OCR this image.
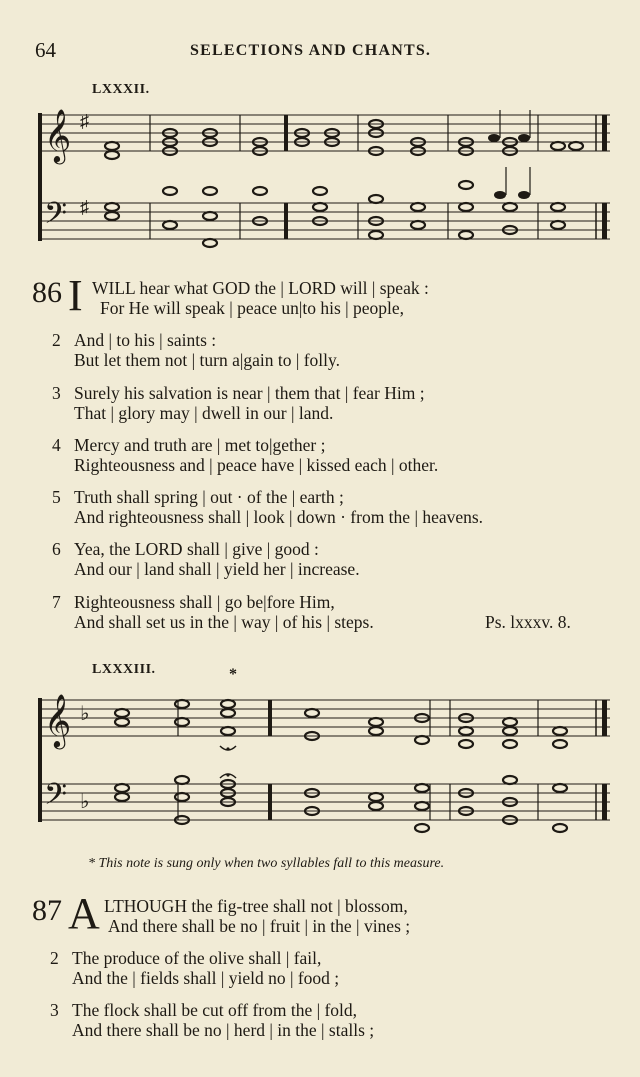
64	SELECTIONS AND CHANTS.
LXXXII.
𝄞 ♯
𝄢 ♯
86 I WILL hear what GOD the | LORD will | speak :
For He will speak | peace un|to his | people,
2 And | to his | saints :
But let them not | turn a|gain to | folly.
3 Surely his salvation is near | them that | fear Him ;
That | glory may | dwell in our | land.
4 Mercy and truth are | met to|gether ;
Righteousness and | peace have | kissed each | other.
5 Truth shall spring | out · of the | earth ;
And righteousness shall | look | down · from the | heavens.
6 Yea, the LORD shall | give | good :
And our | land shall | yield her | increase.
7 Righteousness shall | go be|fore Him,
And shall set us in the | way | of his | steps.	Ps. lxxxv. 8.
LXXXIII.	*
𝄞 ♭
𝄢 ♭
* This note is sung only when two syllables fall to this measure.
87 A LTHOUGH the fig-tree shall not | blossom,
And there shall be no | fruit | in the | vines ;
2 The produce of the olive shall | fail,
And the | fields shall | yield no | food ;
3 The flock shall be cut off from the | fold,
And there shall be no | herd | in the | stalls ;
